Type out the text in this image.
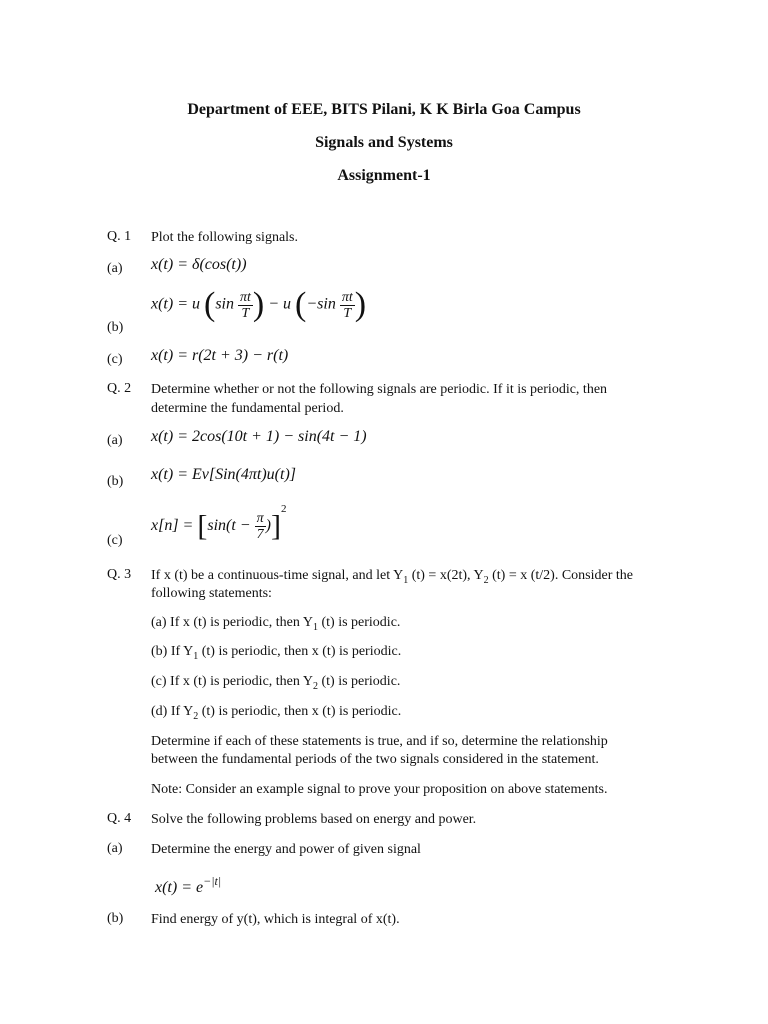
Department of EEE, BITS Pilani, K K Birla Goa Campus
Signals and Systems
Assignment-1
Q. 1 Plot the following signals.
(a) x(t) = δ(cos(t))
x(t) = u ($\sin \frac{\pi t}{T}$ ) − u ($-\sin \frac{\pi t}{T}$ )
(b)
(c) x(t) = r(2t + 3) − r(t)
Q. 2 Determine whether or not the following signals are periodic. If it is periodic, then
determine the fundamental period.
(a) x(t) = 2cos(10t + 1) − sin(4t − 1)
(b) x(t) = Ev[Sin(4πt)u(t)]
$x[n] = [\sin(t - \frac{\pi}{7} )]^2$
(c)
Q. 3 If x (t) be a continuous-time signal, and let $Y_1$ (t) = x(2t), $Y_2$ (t) = x (t/2). Consider the
following statements:
(a) If x (t) is periodic, then $Y_1$ (t) is periodic.
(b) If $Y_1$ (t) is periodic, then x (t) is periodic.
(c) If x (t) is periodic, then $Y_2$ (t) is periodic.
(d) If $Y_2$ (t) is periodic, then x (t) is periodic.
Determine if each of these statements is true, and if so, determine the relationship
between the fundamental periods of the two signals considered in the statement.
Note: Consider an example signal to prove your proposition on above statements.
Q. 4 Solve the following problems based on energy and power.
(a) Determine the energy and power of given signal
$x(t) = e^{-|t|}$
(b) Find energy of y(t), which is integral of x(t).
